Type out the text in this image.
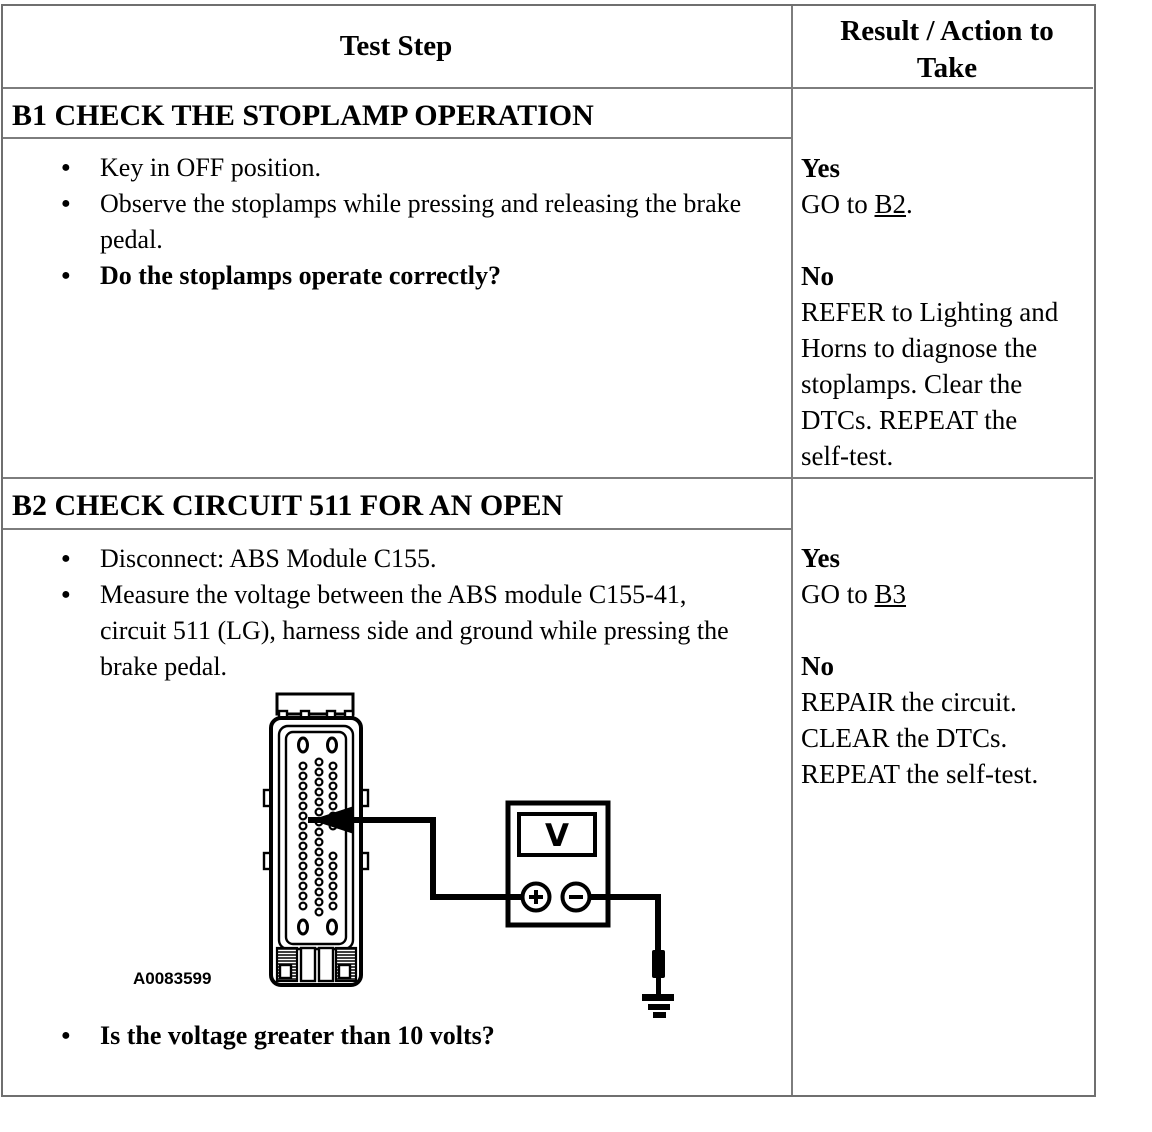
Test Step	Result / Action to Take
B1 CHECK THE STOPLAMP OPERATION
● Key in OFF position.
● Observe the stoplamps while pressing and releasing the brake pedal.
● Do the stoplamps operate correctly?

Yes

GO to B2.

No

REFER to Lighting and Horns to diagnose the stoplamps. Clear the DTCs. REPEAT the self-test.

B2 CHECK CIRCUIT 511 FOR AN OPEN
● Disconnect: ABS Module C155.
● Measure the voltage between the ABS module C155-41, circuit 511 (LG), harness side and ground while pressing the brake pedal.
V
A0083599
● Is the voltage greater than 10 volts?

Yes

GO to B3

No

REPAIR the circuit. CLEAR the DTCs. REPEAT the self-test.
